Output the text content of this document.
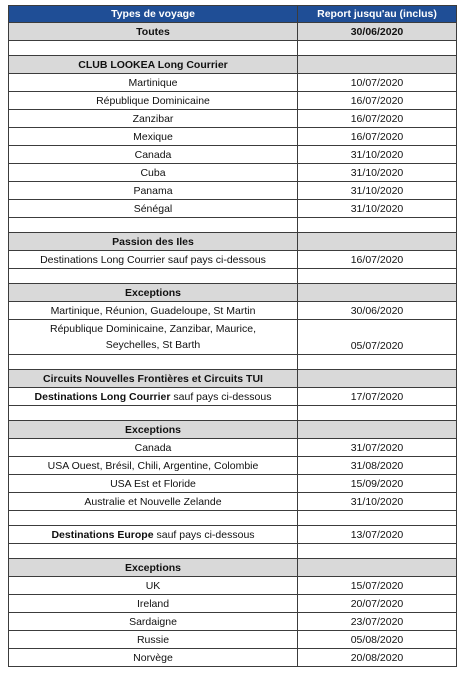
Types de voyage	Report jusqu'au (inclus)
Toutes	30/06/2020

CLUB LOOKEA Long Courrier	
Martinique	10/07/2020
République Dominicaine	16/07/2020
Zanzibar	16/07/2020
Mexique	16/07/2020
Canada	31/10/2020
Cuba	31/10/2020
Panama	31/10/2020
Sénégal	31/10/2020

Passion des Iles	
Destinations Long Courrier sauf pays ci-dessous	16/07/2020

Exceptions	
Martinique, Réunion, Guadeloupe, St Martin	30/06/2020
République Dominicaine, Zanzibar, Maurice,
Seychelles, St Barth	05/07/2020

Circuits Nouvelles Frontières et Circuits TUI	
Destinations Long Courrier sauf pays ci-dessous	17/07/2020

Exceptions	
Canada	31/07/2020
USA Ouest, Brésil, Chili, Argentine, Colombie	31/08/2020
USA Est et Floride	15/09/2020
Australie et Nouvelle Zelande	31/10/2020

Destinations Europe sauf pays ci-dessous	13/07/2020

Exceptions	
UK	15/07/2020
Ireland	20/07/2020
Sardaigne	23/07/2020
Russie	05/08/2020
Norvège	20/08/2020
